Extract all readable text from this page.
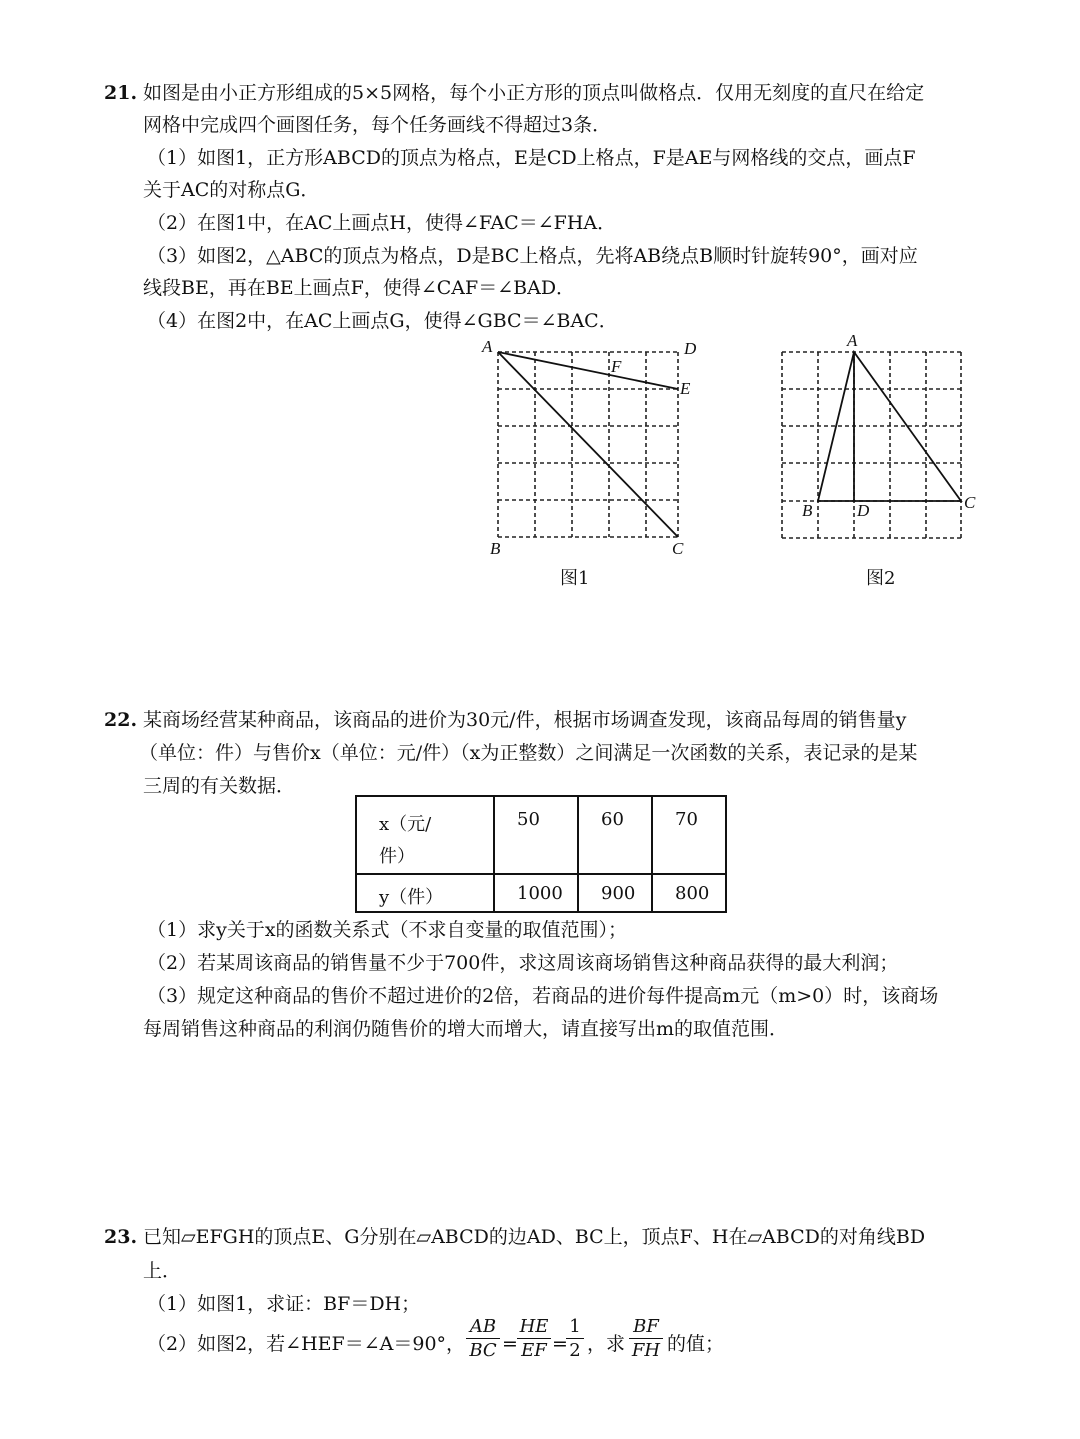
21. 如图是由小正方形组成的5×5网格，每个小正方形的顶点叫做格点．仅用无刻度的直尺在给定
网格中完成四个画图任务，每个任务画线不得超过3条．
（1）如图1，正方形ABCD的顶点为格点，E是CD上格点，F是AE与网格线的交点，画点F
关于AC的对称点G．
（2）在图1中，在AC上画点H，使得∠FAC＝∠FHA．
（3）如图2，△ABC的顶点为格点，D是BC上格点，先将AB绕点B顺时针旋转90°，画对应
线段BE，再在BE上画点F，使得∠CAF＝∠BAD．
（4）在图2中，在AC上画点G，使得∠GBC＝∠BAC．
A	D
F
E
B	C
图1
A
B	D	C
图2
22. 某商场经营某种商品，该商品的进价为30元/件，根据市场调查发现，该商品每周的销售量y
（单位：件）与售价x（单位：元/件）（x为正整数）之间满足一次函数的关系，表记录的是某
三周的有关数据．
x（元/
件）	50	60	70

y（件）	1000	900	800
（1）求y关于x的函数关系式（不求自变量的取值范围）；
（2）若某周该商品的销售量不少于700件，求这周该商场销售这种商品获得的最大利润；
（3）规定这种商品的售价不超过进价的2倍，若商品的进价每件提高m元（m>0）时，该商场
每周销售这种商品的利润仍随售价的增大而增大，请直接写出m的取值范围．
23. 已知▱EFGH的顶点E、G分别在▱ABCD的边AD、BC上，顶点F、H在▱ABCD的对角线BD
上．
（1）如图1，求证：BF＝DH；
（2）如图2，若∠HEF＝∠A＝90°，
AB
BC =
HE
EF =
1
2 ，求
BF
FH 的值；
